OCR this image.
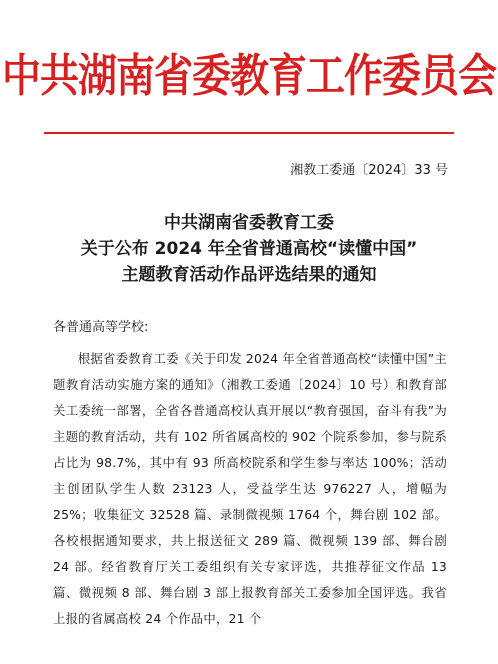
中共湖南省委教育工作委员会
湘教工委通〔2024〕33 号
中共湖南省委教育工委
关于公布 2024 年全省普通高校“读懂中国”
主题教育活动作品评选结果的通知
各普通高等学校:

根据省委教育工委《关于印发 2024 年全省普通高校“读懂中国”主题教育活动实施方案的通知》（湘教工委通〔2024〕10 号）和教育部关工委统一部署，全省各普通高校认真开展以“教育强国，奋斗有我”为主题的教育活动，共有 102 所省属高校的 902 个院系参加，参与院系占比为 98.7%，其中有 93 所高校院系和学生参与率达 100%；活动主创团队学生人数 23123 人，受益学生达 976227 人，增幅为 25%；收集征文 32528 篇、录制微视频 1764 个，舞台剧 102 部。各校根据通知要求，共上报送征文 289 篇、微视频 139 部、舞台剧 24 部。经省教育厅关工委组织有关专家评选，共推荐征文作品 13 篇、微视频 8 部、舞台剧 3 部上报教育部关工委参加全国评选。我省上报的省属高校 24 个作品中，21 个
